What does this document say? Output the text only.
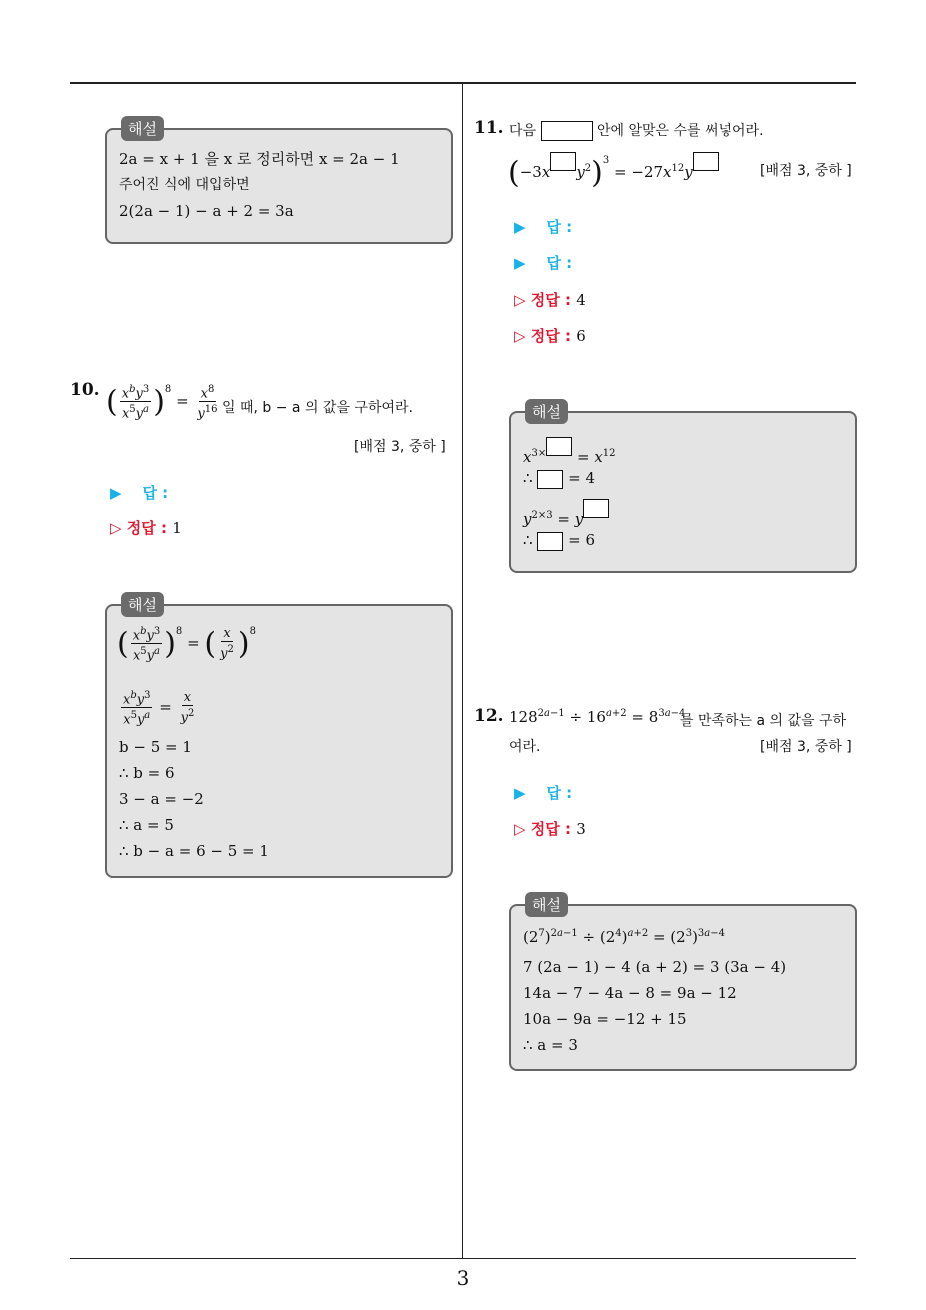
3
해설
2a = x + 1 을 x 로 정리하면 x = 2a − 1
주어진 식에 대입하면
2(2a − 1) − a + 2 = 3a
10. ( $\frac{x^by^3}{x^5y^a} )^8 = \frac{x^8}{y^{16}}$ 일 때, b − a 의 값을 구하여라.
[배점 3, 중하 ]
▶ 답 :
▷ 정답 : 1
해설
( $\frac{x^by^3}{x^5y^a} )^8$ = ( $\frac{x}{y^2} )^8$
$\frac{x^by^3}{x^5y^a} = \frac{x}{y^2}$
b − 5 = 1
∴ b = 6
3 − a = −2
∴ a = 5
∴ b − a = 6 − 5 = 1
11. 다음	안에 알맞은 수를 써넣어라.
(−3x $y^2)^3 = -27x^{12}y$	[배점 3, 중하 ]
▶ 답 :
▶ 답 :
▷ 정답 : 4
▷ 정답 : 6
해설
$x^{3\times} = x^{12}$
∴ = 4
$y^{2\times 3} = y$
∴ = 6
12. $128^{2a-1} \div 16^{a+2} = 8^{3a-4}$
를 만족하는 a 의 값을 구하
여라.	[배점 3, 중하 ]
▶ 답 :
▷ 정답 : 3
해설
$(2^7)^{2a-1} \div (2^4)^{a+2} = (2^3)^{3a-4}$
7 (2a − 1) − 4 (a + 2) = 3 (3a − 4)
14a − 7 − 4a − 8 = 9a − 12
10a − 9a = −12 + 15
∴ a = 3
